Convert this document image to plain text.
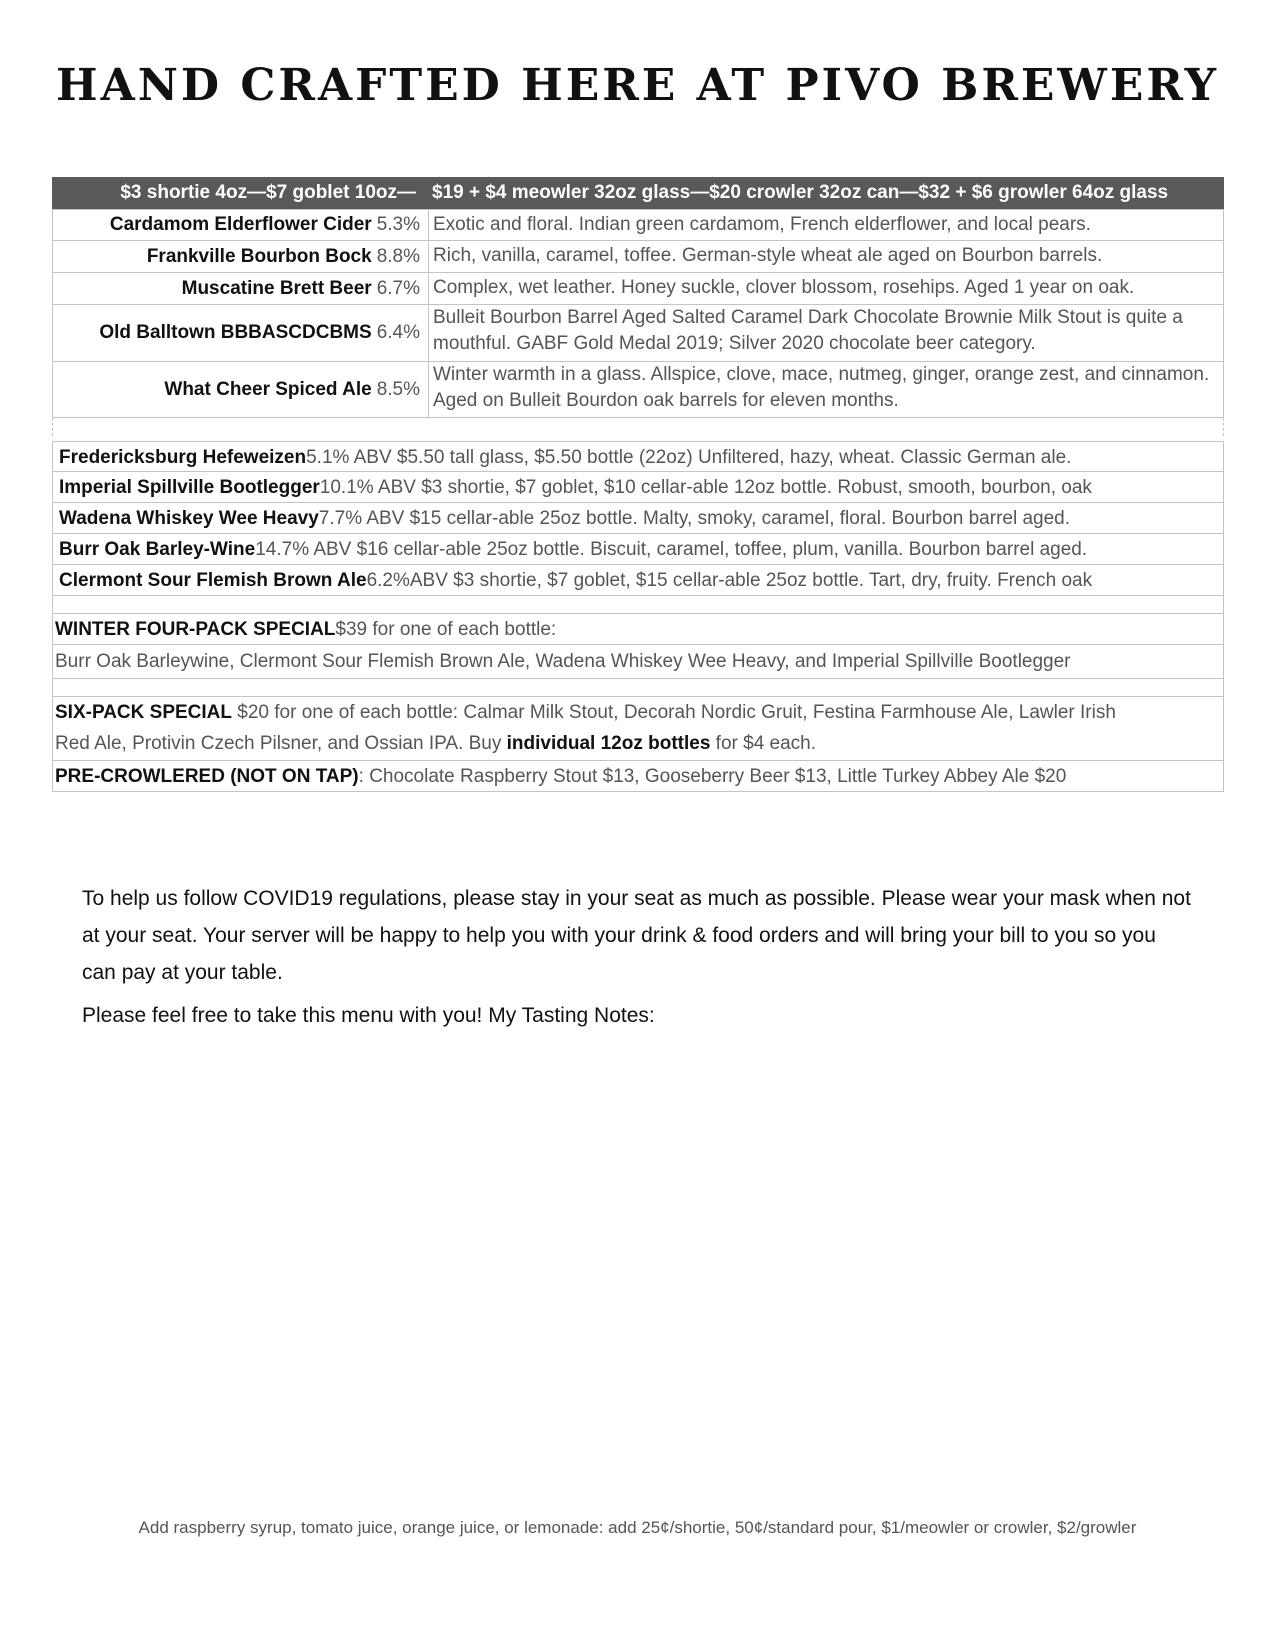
HAND CRAFTED HERE AT PIVO BREWERY
$3 shortie 4oz—$7 goblet 10oz— $19 + $4 meowler 32oz glass—$20 crowler 32oz can—$32 + $6 growler 64oz glass
Cardamom Elderflower Cider 5.3% Exotic and floral. Indian green cardamom, French elderflower, and local pears.
Frankville Bourbon Bock 8.8% Rich, vanilla, caramel, toffee. German-style wheat ale aged on Bourbon barrels.
Muscatine Brett Beer 6.7% Complex, wet leather. Honey suckle, clover blossom, rosehips. Aged 1 year on oak.
Old Balltown BBBASCDCBMS 6.4%
Bulleit Bourbon Barrel Aged Salted Caramel Dark Chocolate Brownie Milk Stout is quite a mouthful. GABF Gold Medal 2019; Silver 2020 chocolate beer category.
What Cheer Spiced Ale 8.5%
Winter warmth in a glass. Allspice, clove, mace, nutmeg, ginger, orange zest, and cinnamon. Aged on Bulleit Bourdon oak barrels for eleven months.
Fredericksburg Hefeweizen 5.1% ABV $5.50 tall glass, $5.50 bottle (22oz) Unfiltered, hazy, wheat. Classic German ale.
Imperial Spillville Bootlegger 10.1% ABV $3 shortie, $7 goblet, $10 cellar-able 12oz bottle. Robust, smooth, bourbon, oak
Wadena Whiskey Wee Heavy 7.7% ABV $15 cellar-able 25oz bottle. Malty, smoky, caramel, floral. Bourbon barrel aged.
Burr Oak Barley-Wine 14.7% ABV $16 cellar-able 25oz bottle. Biscuit, caramel, toffee, plum, vanilla. Bourbon barrel aged.
Clermont Sour Flemish Brown Ale 6.2%ABV $3 shortie, $7 goblet, $15 cellar-able 25oz bottle. Tart, dry, fruity. French oak
WINTER FOUR-PACK SPECIAL $39 for one of each bottle:
Burr Oak Barleywine, Clermont Sour Flemish Brown Ale, Wadena Whiskey Wee Heavy, and Imperial Spillville Bootlegger
SIX-PACK SPECIAL $20 for one of each bottle: Calmar Milk Stout, Decorah Nordic Gruit, Festina Farmhouse Ale, Lawler Irish
Red Ale, Protivin Czech Pilsner, and Ossian IPA. Buy individual 12oz bottles for $4 each.
PRE-CROWLERED (NOT ON TAP) : Chocolate Raspberry Stout $13, Gooseberry Beer $13, Little Turkey Abbey Ale $20
To help us follow COVID19 regulations, please stay in your seat as much as possible. Please wear your mask when not at your seat. Your server will be happy to help you with your drink & food orders and will bring your bill to you so you can pay at your table.
Please feel free to take this menu with you! My Tasting Notes:
Add raspberry syrup, tomato juice, orange juice, or lemonade: add 25¢/shortie, 50¢/standard pour, $1/meowler or crowler, $2/growler
